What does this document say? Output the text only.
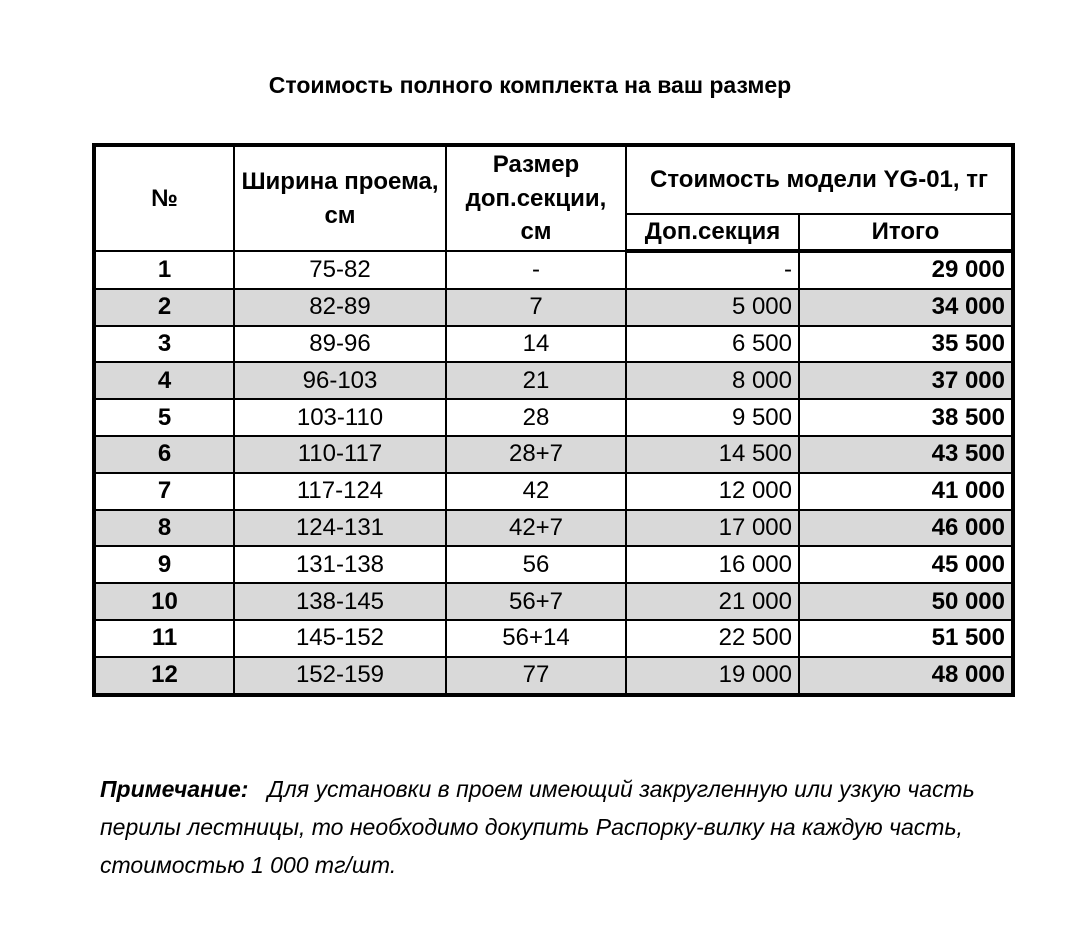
Стоимость полного комплекта на ваш размер
№	Ширина проема, см	Размер доп.секции, см	Стоимость модели YG-01, тг	
			Доп.секция	Итого
1	75-82	-	-	29 000
2	82-89	7	5 000	34 000
3	89-96	14	6 500	35 500
4	96-103	21	8 000	37 000
5	103-110	28	9 500	38 500
6	110-117	28+7	14 500	43 500
7	117-124	42	12 000	41 000
8	124-131	42+7	17 000	46 000
9	131-138	56	16 000	45 000
10	138-145	56+7	21 000	50 000
11	145-152	56+14	22 500	51 500
12	152-159	77	19 000	48 000
Примечание: Для установки в проем имеющий закругленную или узкую часть перилы лестницы, то необходимо докупить Распорку-вилку на каждую часть, стоимостью 1 000 тг/шт.
